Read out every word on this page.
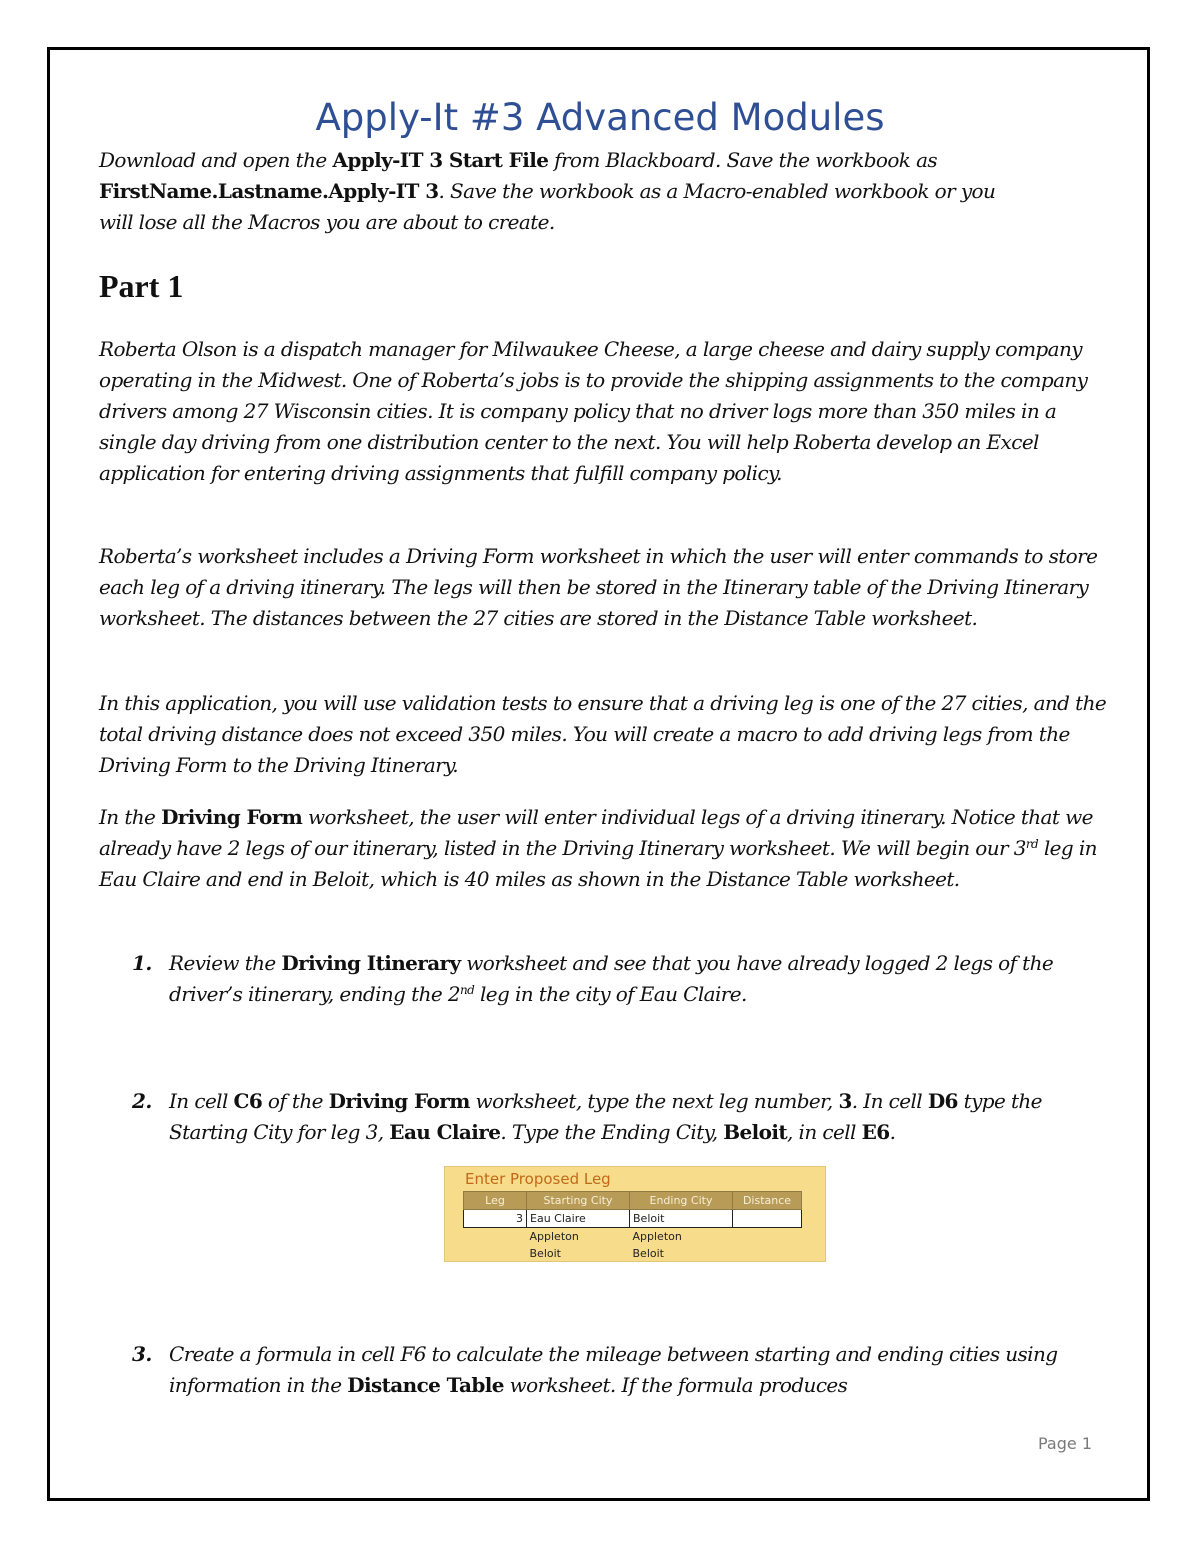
Apply-It #3 Advanced Modules
Download and open the Apply-IT 3 Start File from Blackboard. Save the workbook as FirstName.Lastname.Apply-IT 3. Save the workbook as a Macro-enabled workbook or you will lose all the Macros you are about to create.
Part 1
Roberta Olson is a dispatch manager for Milwaukee Cheese, a large cheese and dairy supply company operating in the Midwest. One of Roberta’s jobs is to provide the shipping assignments to the company drivers among 27 Wisconsin cities. It is company policy that no driver logs more than 350 miles in a single day driving from one distribution center to the next. You will help Roberta develop an Excel application for entering driving assignments that fulfill company policy.
Roberta’s worksheet includes a Driving Form worksheet in which the user will enter commands to store each leg of a driving itinerary. The legs will then be stored in the Itinerary table of the Driving Itinerary worksheet. The distances between the 27 cities are stored in the Distance Table worksheet.
In this application, you will use validation tests to ensure that a driving leg is one of the 27 cities, and the total driving distance does not exceed 350 miles. You will create a macro to add driving legs from the Driving Form to the Driving Itinerary.
In the Driving Form worksheet, the user will enter individual legs of a driving itinerary. Notice that we already have 2 legs of our itinerary, listed in the Driving Itinerary worksheet. We will begin our 3rd leg in Eau Claire and end in Beloit, which is 40 miles as shown in the Distance Table worksheet.
1. Review the Driving Itinerary worksheet and see that you have already logged 2 legs of the driver’s itinerary, ending the 2nd leg in the city of Eau Claire.
2. In cell C6 of the Driving Form worksheet, type the next leg number, 3. In cell D6 type the Starting City for leg 3, Eau Claire. Type the Ending City, Beloit, in cell E6.
Enter Proposed Leg
Leg	Starting City	Ending City	Distance
3	Eau Claire	Beloit	
	Appleton	Appleton	
	Beloit	Beloit	
3. Create a formula in cell F6 to calculate the mileage between starting and ending cities using information in the Distance Table worksheet. If the formula produces
Page 1
